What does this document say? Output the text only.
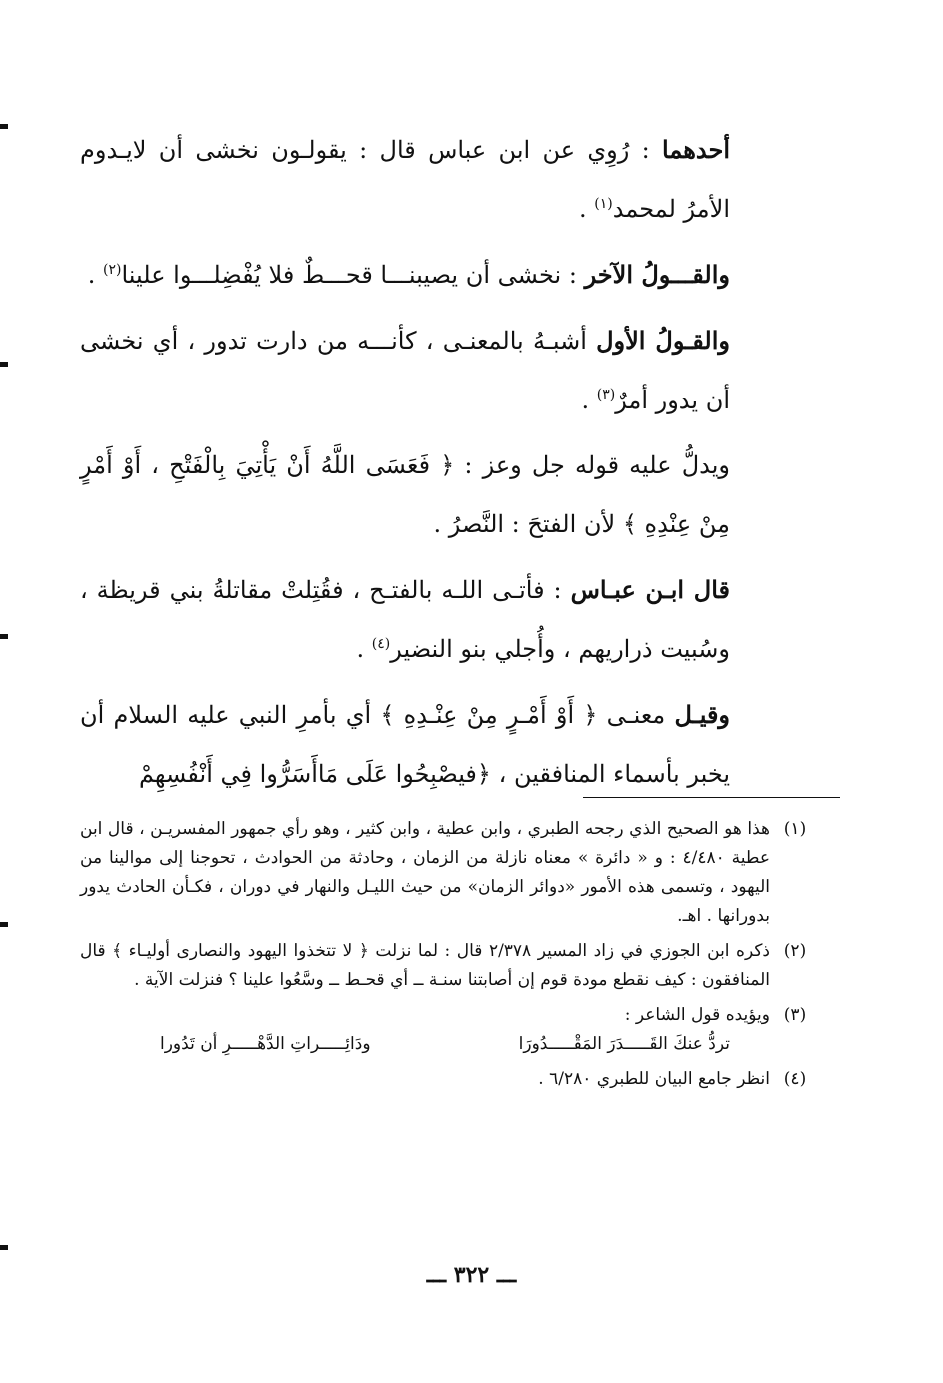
أحدهما : رُوِي عن ابن عباس قال : يقولـون نخشى أن لايـدوم الأمرُ لمحمد$^{(١)}$ .

والقـــولُ الآخر : نخشى أن يصيبنـــا قحـــطٌ فلا يُفْضِلـــوا علينا$^{(٢)}$ .

والقـولُ الأول أشبـهُ بالمعنـى ، كأنـــه من دارت تدور ، أي نخشى أن يدور أمرٌ$^{(٣)}$ .

ويدلُّ عليه قوله جل وعز : ﴿ فَعَسَى اللَّهُ أَنْ يَأْتِيَ بِالْفَتْحِ ، أَوْ أَمْرٍ مِنْ عِنْدِهِ ﴾ لأن الفتحَ : النَّصرُ .

قال ابـن عبـاس : فأتـى اللـه بالفتـح ، فقُتِلتْ مقاتلةُ بني قريظة ، وسُبيت ذراريهم ، وأُجلي بنو النضير$^{(٤)}$ .

وقيـل معنـى ﴿ أَوْ أَمْـرٍ مِنْ عِنْـدِهِ ﴾ أي بأمرِ النبي عليه السلام أن يخبر بأسماء المنافقين ، ﴿فيصْبِحُوا عَلَى مَاأَسَرُّوا فِي أَنْفُسِهِمْ

(١)
هذا هو الصحيح الذي رجحه الطبري ، وابن عطية ، وابن كثير ، وهو رأي جمهور المفسريـن ، قال ابن عطية ٤/٤٨٠ : و « دائرة » معناه نازلة من الزمان ، وحادثة من الحوادث ، تحوجنا إلى موالينا من اليهود ، وتسمى هذه الأمور «دوائر الزمان» من حيث الليـل والنهار في دوران ، فكـأن الحادث يدور بدورانها . اهـ.
(٢)
ذكره ابن الجوزي في زاد المسير ٢/٣٧٨ قال : لما نزلت ﴿ لا تتخذوا اليهود والنصارى أوليـاء ﴾ قال المنافقون : كيف نقطع مودة قوم إن أصابتنا سنـة ــ أي قحـط ــ وسَّعُوا علينا ؟ فنزلت الآية .
(٣)
ويؤيده قول الشاعر :
تردُّ عنكَ القَـــــدَرَ المَقْـــــدُورَا
ودَائِـــــراتِ الدَّهْـــــرِ أن تَدُورا
(٤)
انظر جامع البيان للطبري ٦/٢٨٠ .
ـــ ٣٢٢ ـــ
